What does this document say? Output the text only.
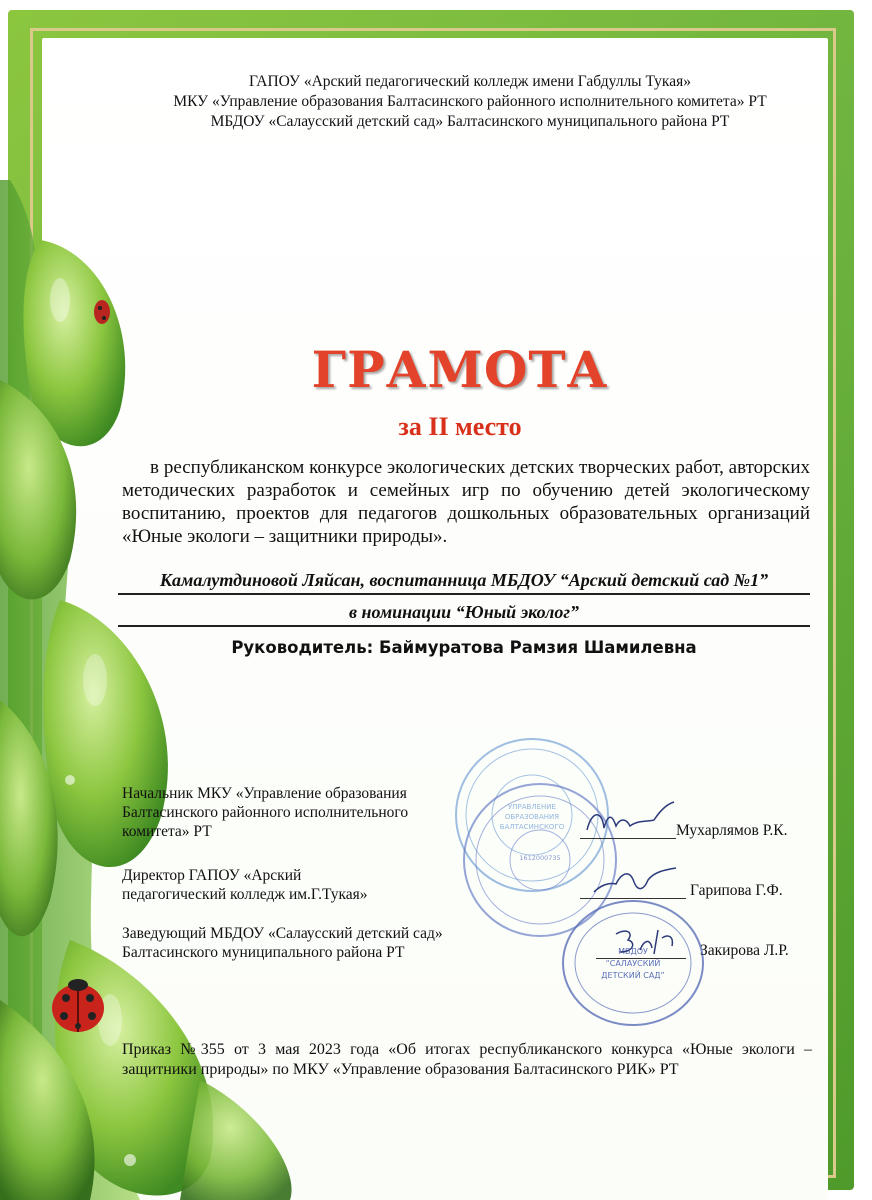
ГАПОУ «Арский педагогический колледж имени Габдуллы Тукая»
МКУ «Управление образования Балтасинского районного исполнительного комитета» РТ
МБДОУ «Салаусский детский сад» Балтасинского муниципального района РТ
ГРАМОТА
за II место
в республиканском конкурсе экологических детских творческих работ, авторских методических разработок и семейных игр по обучению детей экологическому воспитанию, проектов для педагогов дошкольных образовательных организаций «Юные экологи – защитники природы».
Камалутдиновой Ляйсан, воспитанница МБДОУ “Арский детский сад №1”
в номинации “Юный эколог”
Руководитель: Баймуратова Рамзия Шамилевна
УПРАВЛЕНИЕ
ОБРАЗОВАНИЯ
БАЛТАСИНСКОГО
1612000735
МБДОУ
“САЛАУСКИЙ
ДЕТСКИЙ САД”
Начальник МКУ «Управление образования
Балтасинского районного исполнительного
комитета» РТ	Мухарлямов Р.К.
Директор ГАПОУ «Арский
педагогический колледж им.Г.Тукая»	Гарипова Г.Ф.
Заведующий МБДОУ «Салаусский детский сад»
Балтасинского муниципального района РТ	Закирова Л.Р.
Приказ №355 от 3 мая 2023 года «Об итогах республиканского конкурса «Юные экологи – защитники природы» по МКУ «Управление образования Балтасинского РИК» РТ
